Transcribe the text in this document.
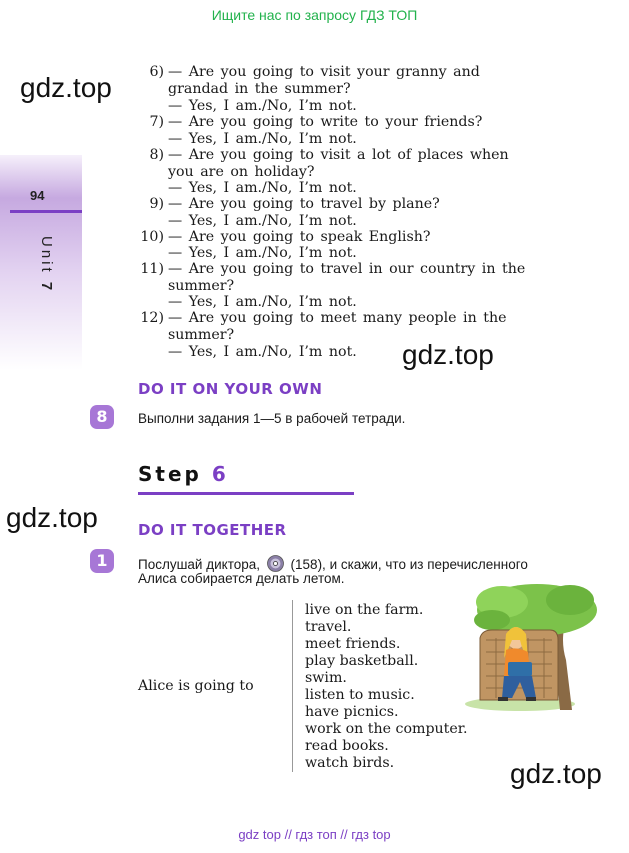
Ищите нас по запросу ГДЗ ТОП
94
Unit 7
gdz.top
gdz.top
gdz.top
gdz.top
6) — Are you going to visit your granny and
grandad in the summer?
— Yes, I am./No, I’m not.
7) — Are you going to write to your friends?
— Yes, I am./No, I’m not.
8) — Are you going to visit a lot of places when
you are on holiday?
— Yes, I am./No, I’m not.
9) — Are you going to travel by plane?
— Yes, I am./No, I’m not.
10) — Are you going to speak English?
— Yes, I am./No, I’m not.
11) — Are you going to travel in our country in the
summer?
— Yes, I am./No, I’m not.
12) — Are you going to meet many people in the
summer?
— Yes, I am./No, I’m not.
DO IT ON YOUR OWN
8	Выполни задания 1—5 в рабочей тетради.
Step 6
DO IT TOGETHER
1	Послушай диктора, (158), и скажи, что из перечисленного
Алиса собирается делать летом.
Alice is going to
live on the farm.
travel.
meet friends.
play basketball.
swim.
listen to music.
have picnics.
work on the computer.
read books.
watch birds.
gdz top // гдз топ // гдз top
